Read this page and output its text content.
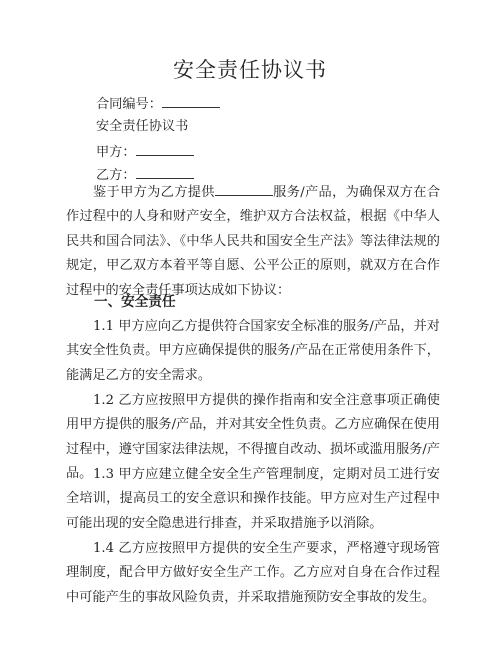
安全责任协议书
合同编号：
安全责任协议书
甲方：
乙方：

鉴于甲方为乙方提供	服务/产品，为确保双方在合作过程中的人身和财产安全，维护双方合法权益，根据《中华人民共和国合同法》、《中华人民共和国安全生产法》等法律法规的规定，甲乙双方本着平等自愿、公平公正的原则，就双方在合作过程中的安全责任事项达成如下协议：

一、安全责任

1.1 甲方应向乙方提供符合国家安全标准的服务/产品，并对其安全性负责。甲方应确保提供的服务/产品在正常使用条件下，能满足乙方的安全需求。

1.2 乙方应按照甲方提供的操作指南和安全注意事项正确使用甲方提供的服务/产品，并对其安全性负责。乙方应确保在使用过程中，遵守国家法律法规，不得擅自改动、损坏或滥用服务/产品。 1.3 甲方应建立健全安全生产管理制度，定期对员工进行安全培训，提高员工的安全意识和操作技能。甲方应对生产过程中可能出现的安全隐患进行排查，并采取措施予以消除。

1.4 乙方应按照甲方提供的安全生产要求，严格遵守现场管理制度，配合甲方做好安全生产工作。乙方应对自身在合作过程中可能产生的事故风险负责，并采取措施预防安全事故的发生。
